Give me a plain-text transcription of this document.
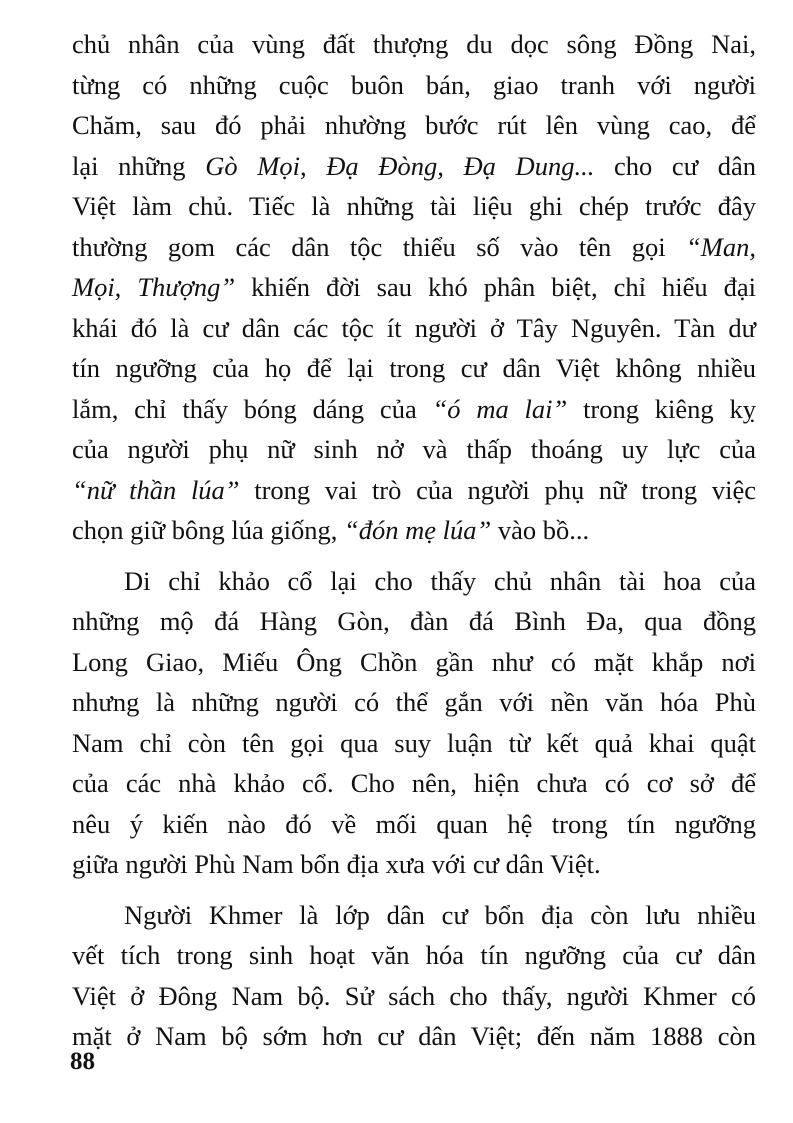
chủ nhân của vùng đất thượng du dọc sông Đồng Nai,
từng có những cuộc buôn bán, giao tranh với người
Chăm, sau đó phải nhường bước rút lên vùng cao, để
lại những Gò Mọi, Đạ Đòng, Đạ Dung... cho cư dân
Việt làm chủ. Tiếc là những tài liệu ghi chép trước đây
thường gom các dân tộc thiểu số vào tên gọi “Man,
Mọi, Thượng” khiến đời sau khó phân biệt, chỉ hiểu đại
khái đó là cư dân các tộc ít người ở Tây Nguyên. Tàn dư
tín ngưỡng của họ để lại trong cư dân Việt không nhiều
lắm, chỉ thấy bóng dáng của “ó ma lai” trong kiêng kỵ
của người phụ nữ sinh nở và thấp thoáng uy lực của
“nữ thần lúa” trong vai trò của người phụ nữ trong việc
chọn giữ bông lúa giống, “đón mẹ lúa” vào bồ...
Di chỉ khảo cổ lại cho thấy chủ nhân tài hoa của
những mộ đá Hàng Gòn, đàn đá Bình Đa, qua đồng
Long Giao, Miếu Ông Chồn gần như có mặt khắp nơi
nhưng là những người có thể gắn với nền văn hóa Phù
Nam chỉ còn tên gọi qua suy luận từ kết quả khai quật
của các nhà khảo cổ. Cho nên, hiện chưa có cơ sở để
nêu ý kiến nào đó về mối quan hệ trong tín ngưỡng
giữa người Phù Nam bổn địa xưa với cư dân Việt.
Người Khmer là lớp dân cư bổn địa còn lưu nhiều
vết tích trong sinh hoạt văn hóa tín ngưỡng của cư dân
Việt ở Đông Nam bộ. Sử sách cho thấy, người Khmer có
mặt ở Nam bộ sớm hơn cư dân Việt; đến năm 1888 còn
88
